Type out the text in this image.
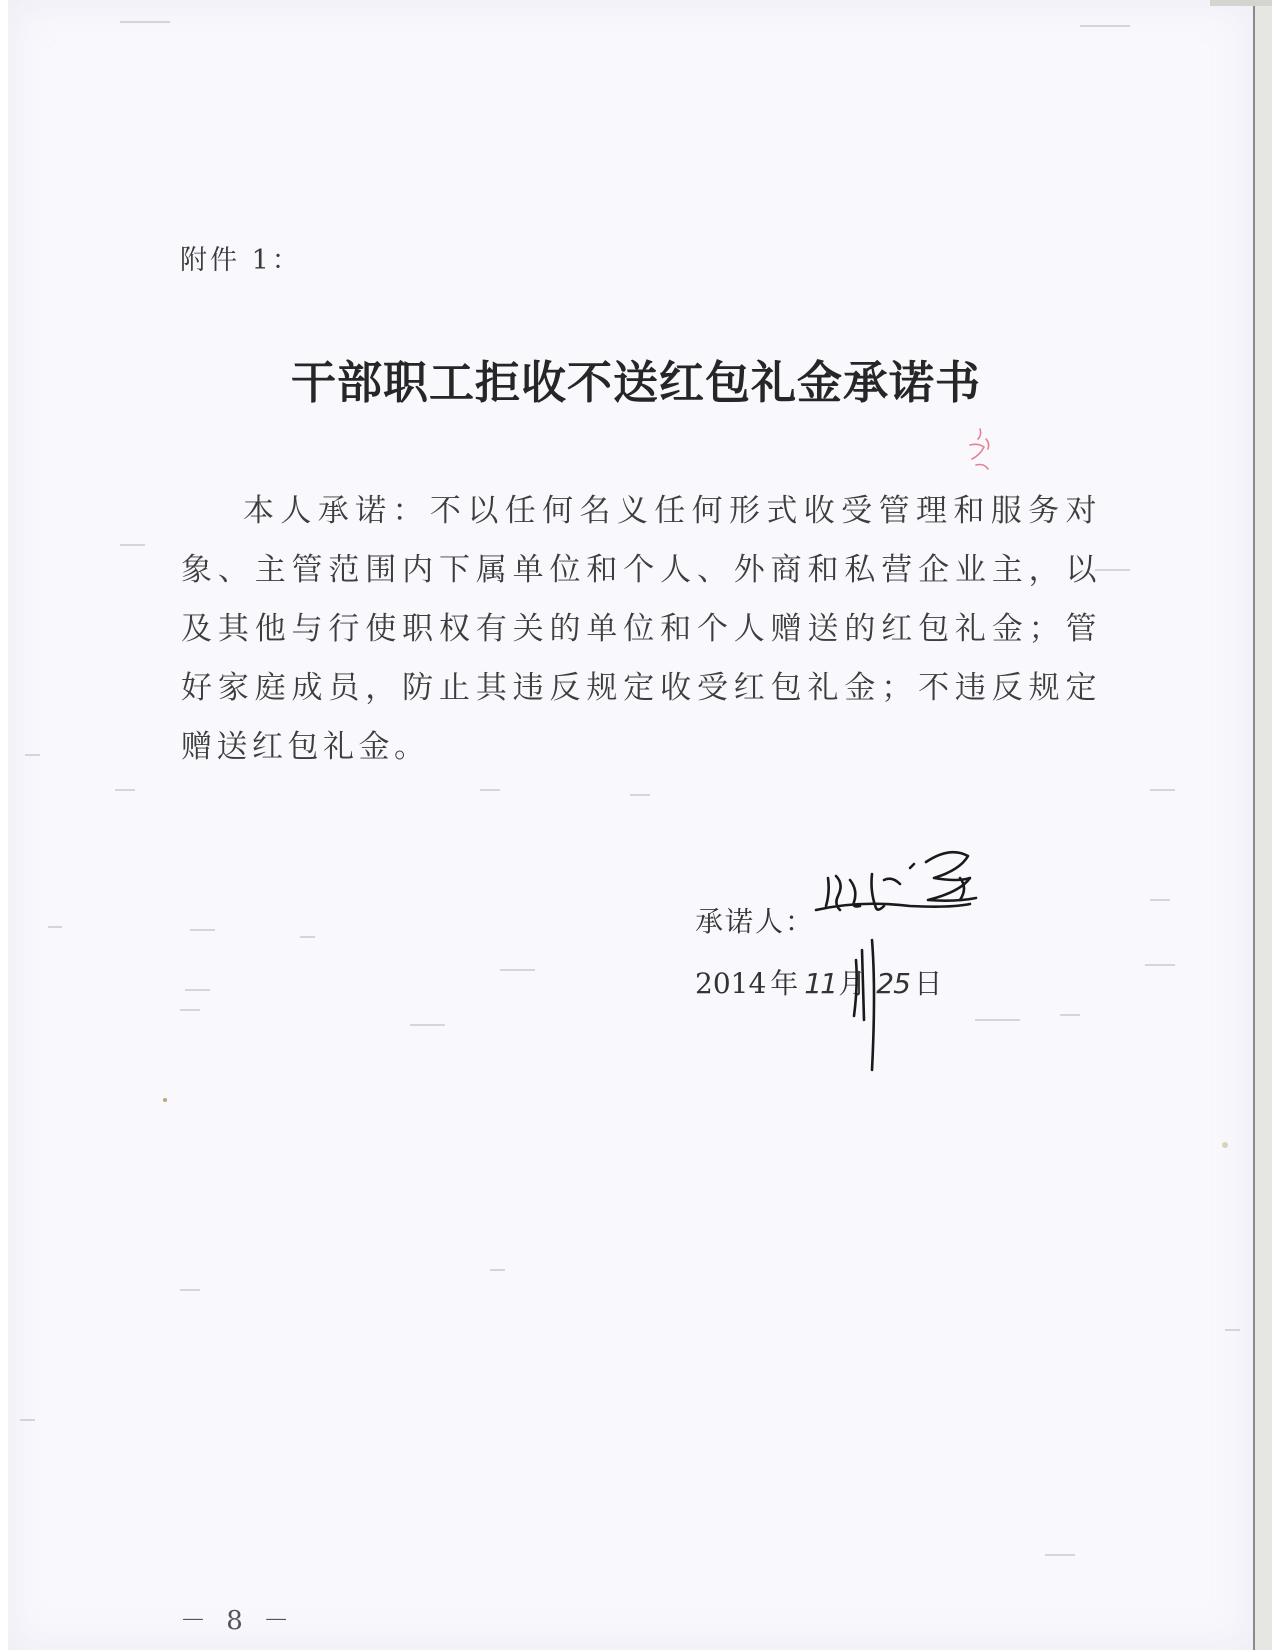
附件 1：
干部职工拒收不送红包礼金承诺书

本人承诺：不以任何名义任何形式收受管理和服务对象、主管范围内下属单位和个人、外商和私营企业主，以及其他与行使职权有关的单位和个人赠送的红包礼金；管好家庭成员，防止其违反规定收受红包礼金；不违反规定赠送红包礼金。

承诺人：
2014 年 11月 25 日
－ 8 －
